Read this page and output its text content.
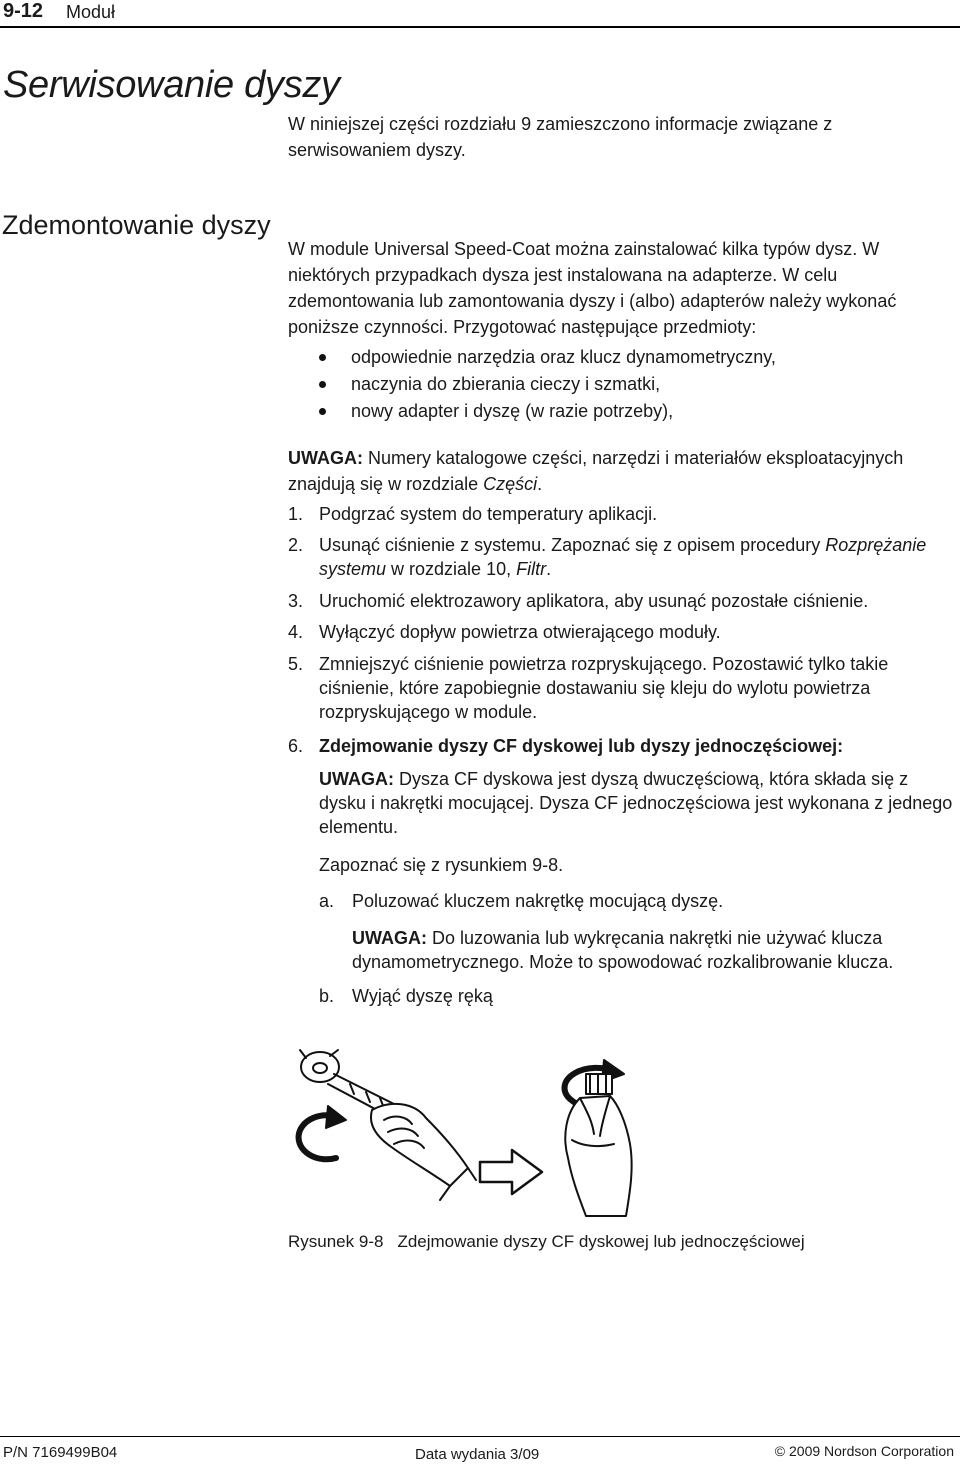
9-12 Moduł
Serwisowanie dyszy
W niniejszej części rozdziału 9 zamieszczono informacje związane z serwisowaniem dyszy.
Zdemontowanie dyszy
W module Universal Speed-Coat można zainstalować kilka typów dysz. W niektórych przypadkach dysza jest instalowana na adapterze. W celu zdemontowania lub zamontowania dyszy i (albo) adapterów należy wykonać poniższe czynności. Przygotować następujące przedmioty:
odpowiednie narzędzia oraz klucz dynamometryczny,
naczynia do zbierania cieczy i szmatki,
nowy adapter i dyszę (w razie potrzeby),
UWAGA: Numery katalogowe części, narzędzi i materiałów eksploatacyjnych znajdują się w rozdziale Części.
1. Podgrzać system do temperatury aplikacji.
2. Usunąć ciśnienie z systemu. Zapoznać się z opisem procedury Rozprężanie systemu w rozdziale 10, Filtr.
3. Uruchomić elektrozawory aplikatora, aby usunąć pozostałe ciśnienie.
4. Wyłączyć dopływ powietrza otwierającego moduły.
5. Zmniejszyć ciśnienie powietrza rozpryskującego. Pozostawić tylko takie ciśnienie, które zapobiegnie dostawaniu się kleju do wylotu powietrza rozpryskującego w module.
6. Zdejmowanie dyszy CF dyskowej lub dyszy jednoczęściowej:
UWAGA: Dysza CF dyskowa jest dyszą dwuczęściową, która składa się z dysku i nakrętki mocującej. Dysza CF jednoczęściowa jest wykonana z jednego elementu.
Zapoznać się z rysunkiem 9-8.
a. Poluzować kluczem nakrętkę mocującą dyszę.
UWAGA: Do luzowania lub wykręcania nakrętki nie używać klucza dynamometrycznego. Może to spowodować rozkalibrowanie klucza.
b. Wyjąć dyszę ręką
Rysunek 9-8 Zdejmowanie dyszy CF dyskowej lub jednoczęściowej
P/N 7169499B04	Data wydania 3/09	© 2009 Nordson Corporation
